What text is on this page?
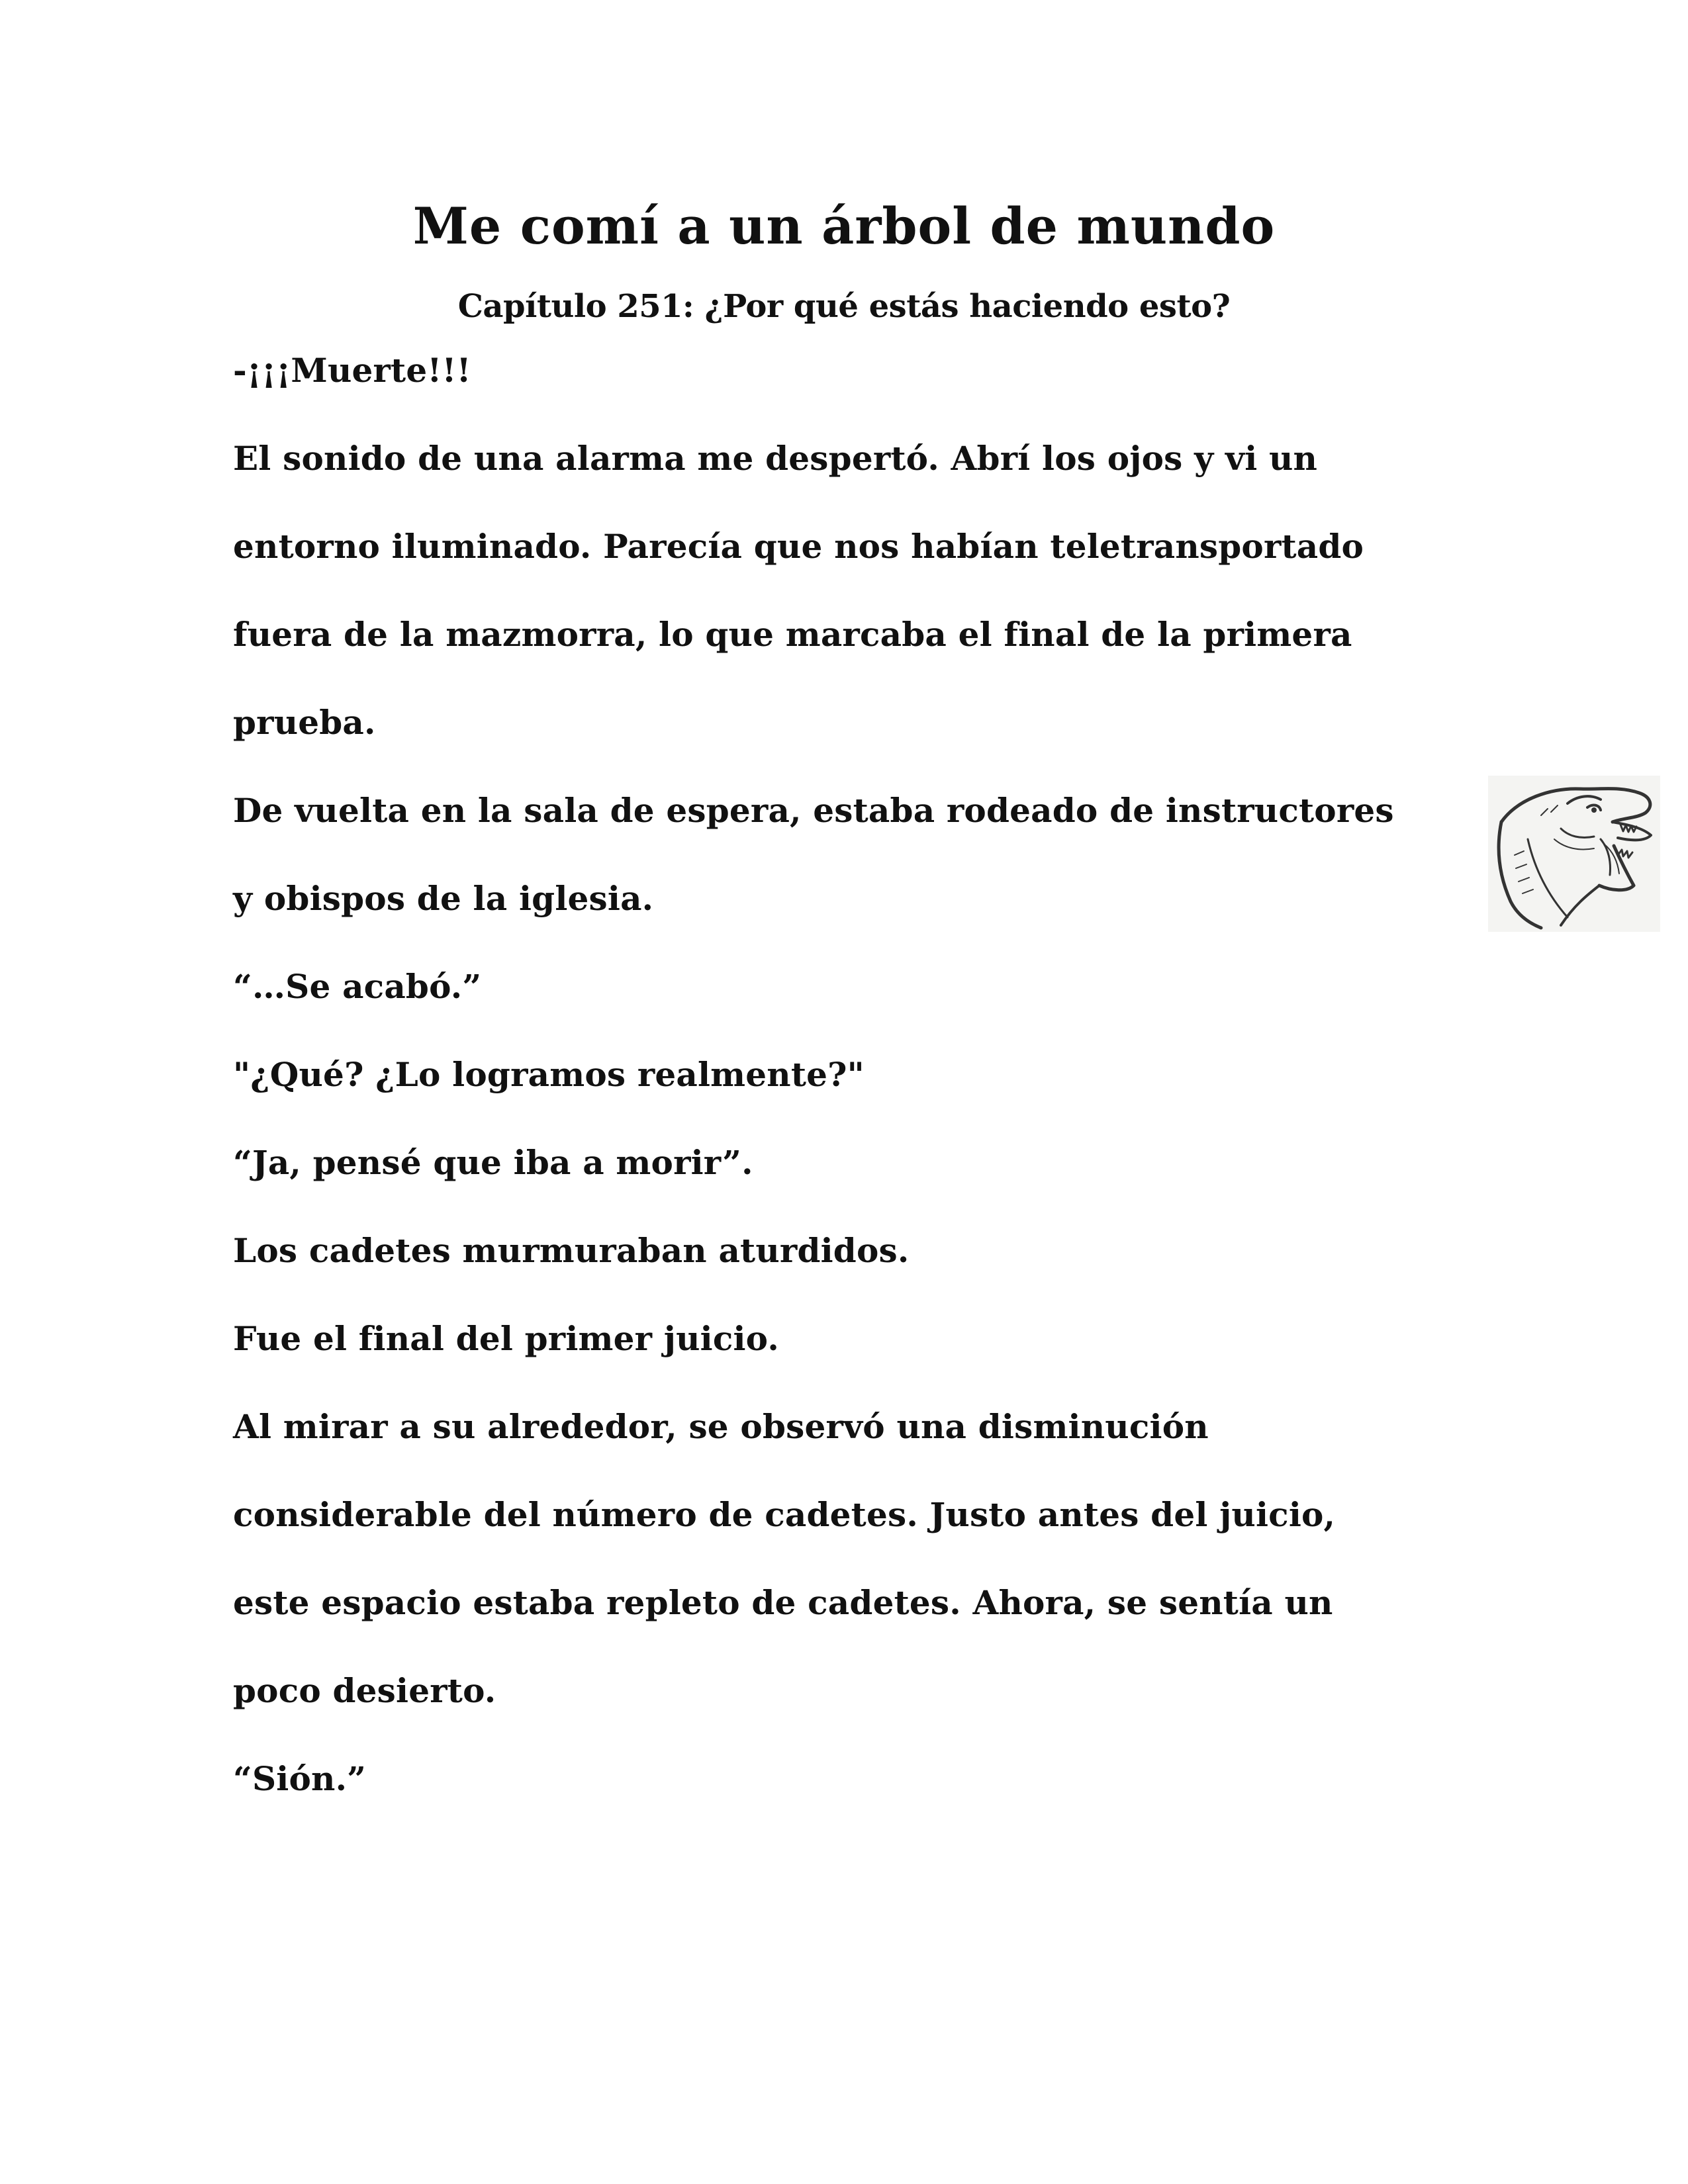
Me comí a un árbol de mundo
Capítulo 251: ¿Por qué estás haciendo esto?
-¡¡¡Muerte!!!
El sonido de una alarma me despertó. Abrí los ojos y vi un
entorno iluminado. Parecía que nos habían teletransportado
fuera de la mazmorra, lo que marcaba el final de la primera
prueba.
De vuelta en la sala de espera, estaba rodeado de instructores
y obispos de la iglesia.
“…Se acabó.”
"¿Qué? ¿Lo logramos realmente?"
“Ja, pensé que iba a morir”.
Los cadetes murmuraban aturdidos.
Fue el final del primer juicio.
Al mirar a su alrededor, se observó una disminución
considerable del número de cadetes. Justo antes del juicio,
este espacio estaba repleto de cadetes. Ahora, se sentía un
poco desierto.
“Sión.”
